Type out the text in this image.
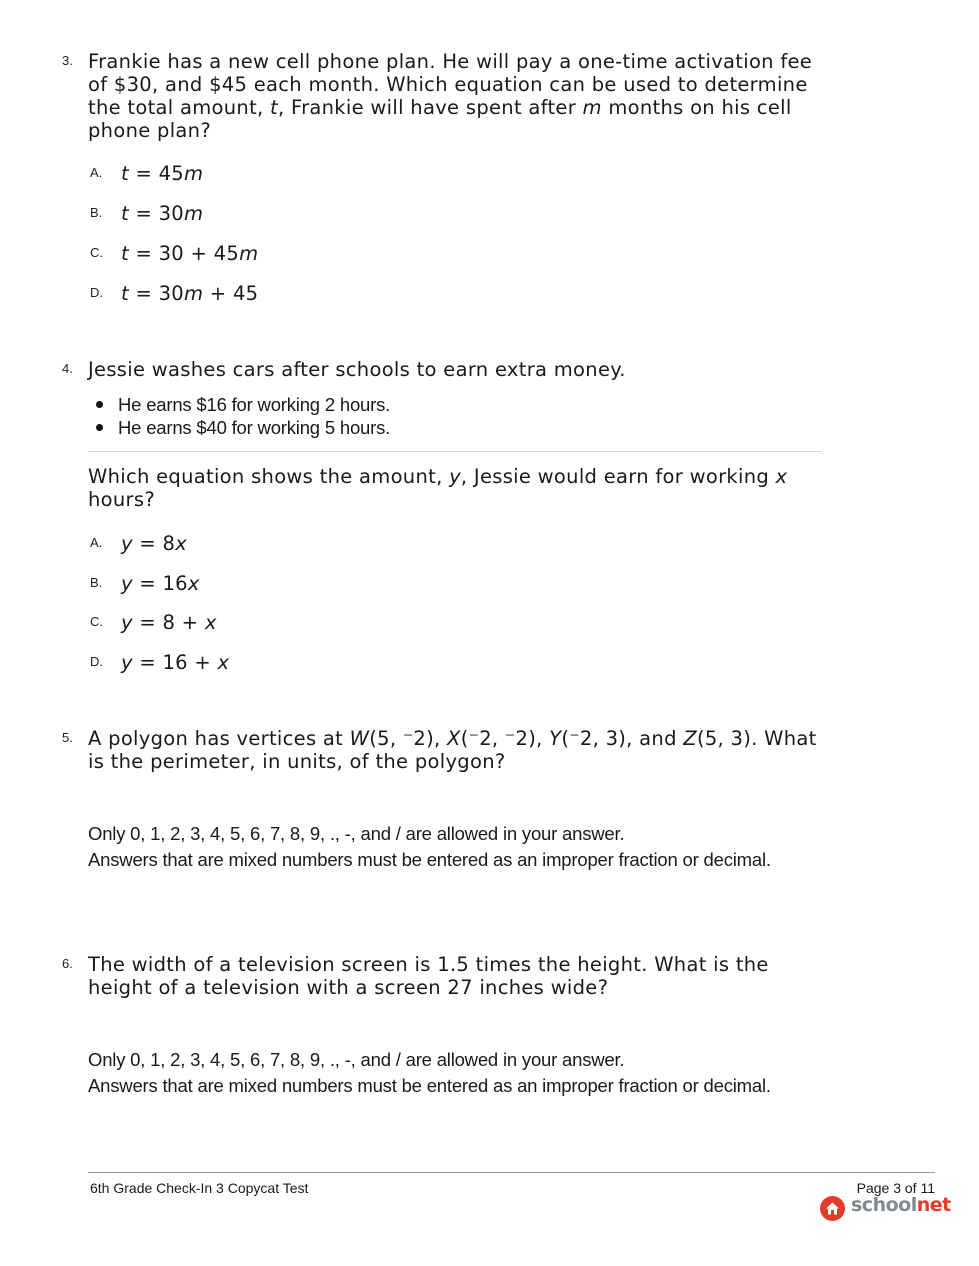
3. Frankie has a new cell phone plan. He will pay a one-time activation fee of $30, and $45 each month. Which equation can be used to determine the total amount, t, Frankie will have spent after m months on his cell phone plan?
A. t = 45m
B. t = 30m
C. t = 30 + 45m
D. t = 30m + 45
4. Jessie washes cars after schools to earn extra money.
He earns $16 for working 2 hours.
He earns $40 for working 5 hours.
Which equation shows the amount, y, Jessie would earn for working x hours?
A. y = 8x
B. y = 16x
C. y = 8 + x
D. y = 16 + x
5. A polygon has vertices at W(5, ⁻2), X(⁻2, ⁻2), Y(⁻2, 3), and Z(5, 3). What is the perimeter, in units, of the polygon?
Only 0, 1, 2, 3, 4, 5, 6, 7, 8, 9, ., -, and / are allowed in your answer.
Answers that are mixed numbers must be entered as an improper fraction or decimal.
6. The width of a television screen is 1.5 times the height. What is the height of a television with a screen 27 inches wide?
Only 0, 1, 2, 3, 4, 5, 6, 7, 8, 9, ., -, and / are allowed in your answer.
Answers that are mixed numbers must be entered as an improper fraction or decimal.
6th Grade Check-In 3 Copycat Test	Page 3 of 11
schoolnet
